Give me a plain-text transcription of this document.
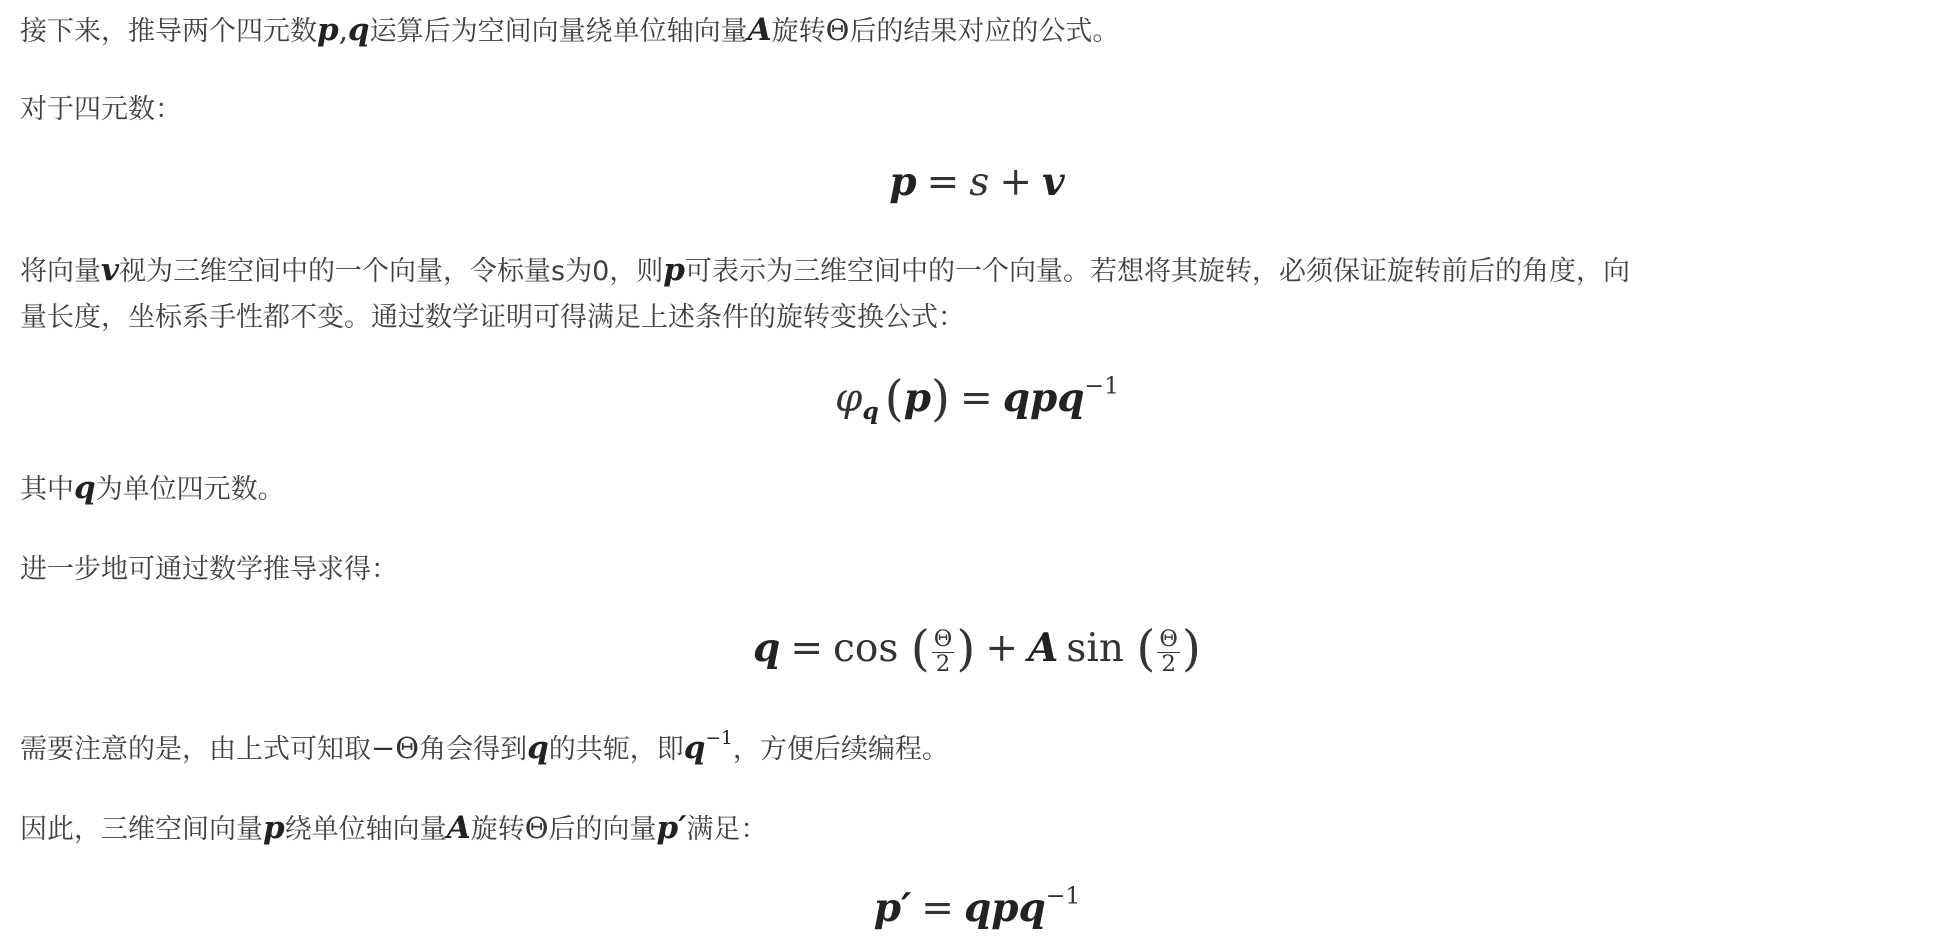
接下来，推导两个四元数p,q运算后为空间向量绕单位轴向量A旋转Θ后的结果对应的公式。
对于四元数：
p = s + v
将向量v视为三维空间中的一个向量，令标量s为0，则p可表示为三维空间中的一个向量。若想将其旋转，必须保证旋转前后的角度，向
量长度，坐标系手性都不变。通过数学证明可得满足上述条件的旋转变换公式：
$\varphi_q$ (p) = qpq$^{-1}$
其中q为单位四元数。
进一步地可通过数学推导求得：
q = cos ( $\frac{\Theta}{2}$ ) + A sin ( $\frac{\Theta}{2}$ )
需要注意的是，由上式可知取−Θ角会得到q的共轭，即$q^{-1}$，方便后续编程。
因此，三维空间向量p绕单位轴向量A旋转Θ后的向量p′满足：
p′ = qpq$^{-1}$
